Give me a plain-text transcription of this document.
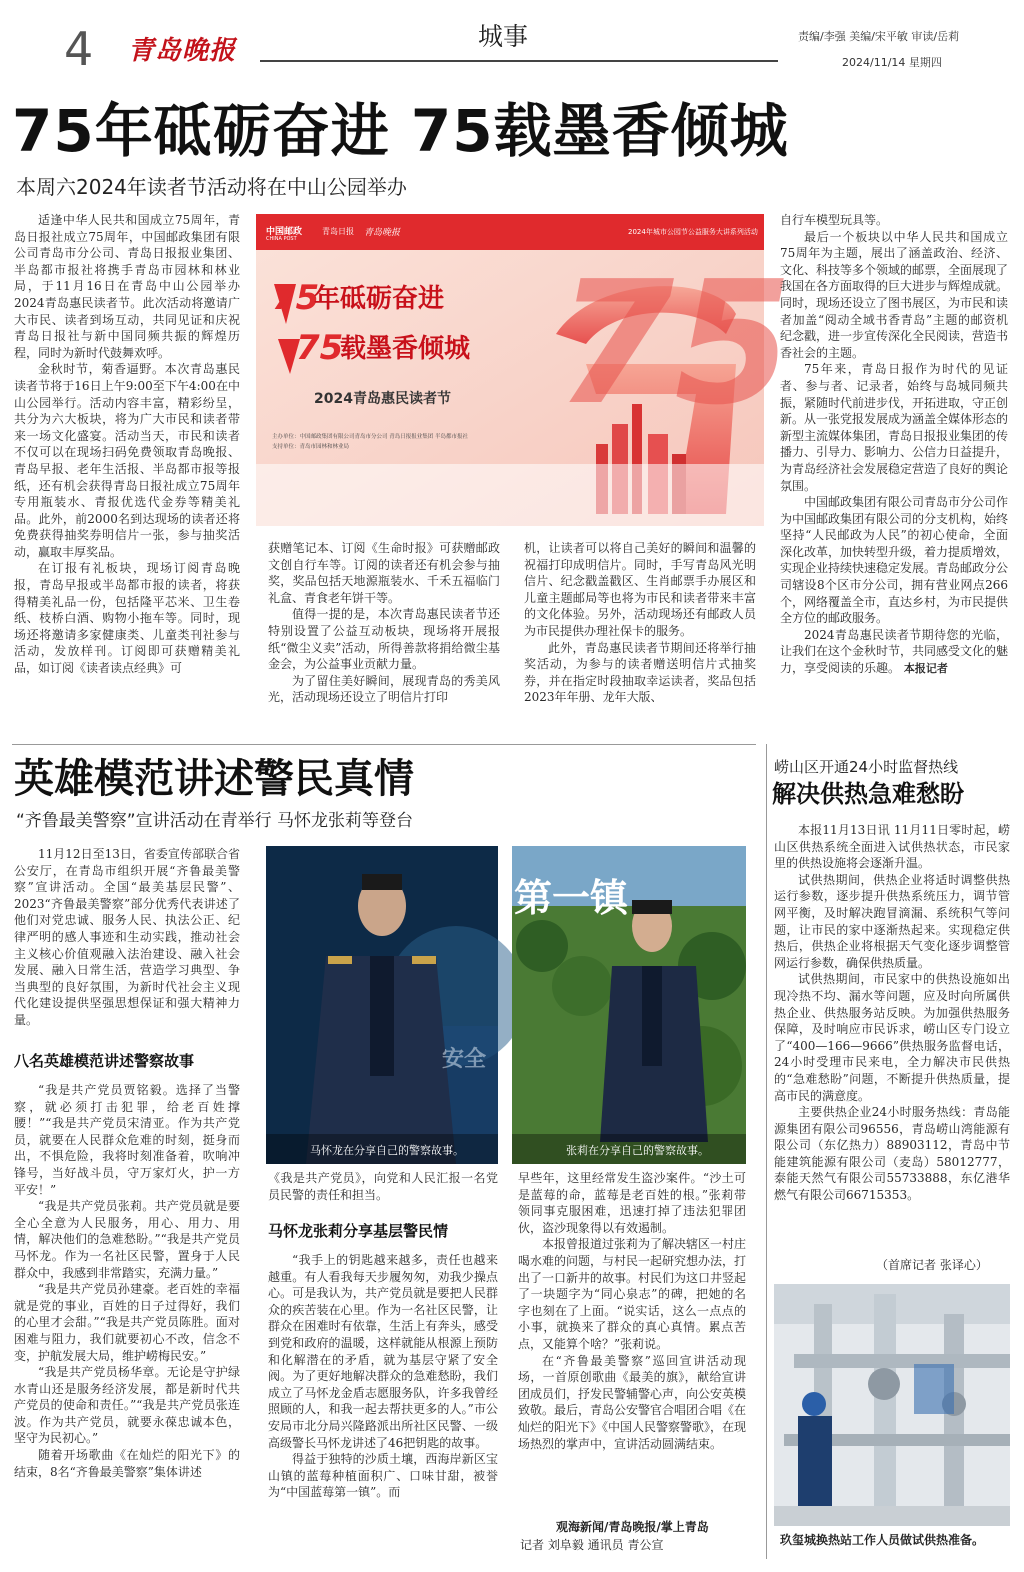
4 青岛晚报	城事	责编/李强 美编/宋平敏 审读/岳莉
2024/11/14 星期四
75年砥砺奋进 75载墨香倾城
本周六2024年读者节活动将在中山公园举办

适逢中华人民共和国成立75周年，青岛日报社成立75周年，中国邮政集团有限公司青岛市分公司、青岛日报报业集团、半岛都市报社将携手青岛市园林和林业局，于11月16日在青岛中山公园举办2024青岛惠民读者节。此次活动将邀请广大市民、读者到场互动，共同见证和庆祝青岛日报社与新中国同频共振的辉煌历程，同时为新时代鼓舞欢呼。

金秋时节，菊香逼野。本次青岛惠民读者节将于16日上午9:00至下午4:00在中山公园举行。活动内容丰富，精彩纷呈，共分为六大板块，将为广大市民和读者带来一场文化盛宴。活动当天，市民和读者不仅可以在现场扫码免费领取青岛晚报、青岛早报、老年生活报、半岛都市报等报纸，还有机会获得青岛日报社成立75周年专用瓶装水、青报优选代金券等精美礼品。此外，前2000名到达现场的读者还将免费获得抽奖券明信片一张，参与抽奖活动，赢取丰厚奖品。

在订报有礼板块，现场订阅青岛晚报，青岛早报或半岛都市报的读者，将获得精美礼品一份，包括隆平芯米、卫生卷纸、枝桥白酒、购物小拖车等。同时，现场还将邀请多家健康类、儿童类刊社参与活动，发放样刊。订阅即可获赠精美礼品，如订阅《读者读点经典》可

中国邮政
CHINA POST
青岛日报 青岛晚报	2024年城市公园节公益服务大讲系列活动
75
年砥砺奋进
75
载墨香倾城 75
2024青岛惠民读者节
主办单位：中国邮政集团有限公司青岛市分公司 青岛日报报业集团 半岛都市报社
支持单位：青岛市园林和林业局

获赠笔记本、订阅《生命时报》可获赠邮政文创自行车等。订阅的读者还有机会参与抽奖，奖品包括天地源瓶装水、千禾五福临门礼盒、青食老年饼干等。

值得一提的是，本次青岛惠民读者节还特别设置了公益互动板块，现场将开展报纸“微尘义卖”活动，所得善款将捐给微尘基金会，为公益事业贡献力量。

为了留住美好瞬间，展现青岛的秀美风光，活动现场还设立了明信片打印

机，让读者可以将自己美好的瞬间和温馨的祝福打印成明信片。同时，手写青岛风光明信片、纪念戳盖戳区、生肖邮票手办展区和儿童主题邮局等也将为市民和读者带来丰富的文化体验。另外，活动现场还有邮政人员为市民提供办理社保卡的服务。

此外，青岛惠民读者节期间还将举行抽奖活动，为参与的读者赠送明信片式抽奖券，并在指定时段抽取幸运读者，奖品包括2023年年册、龙年大版、

自行车模型玩具等。

最后一个板块以中华人民共和国成立75周年为主题，展出了涵盖政治、经济、文化、科技等多个领域的邮票，全面展现了我国在各方面取得的巨大进步与辉煌成就。同时，现场还设立了图书展区，为市民和读者加盖“阅动全域书香青岛”主题的邮资机纪念戳，进一步宣传深化全民阅读，营造书香社会的主题。

75年来，青岛日报作为时代的见证者、参与者、记录者，始终与岛城同频共振，紧随时代前进步伐，开拓进取，守正创新。从一张党报发展成为涵盖全媒体形态的新型主流媒体集团，青岛日报报业集团的传播力、引导力、影响力、公信力日益提升，为青岛经济社会发展稳定营造了良好的舆论氛围。

中国邮政集团有限公司青岛市分公司作为中国邮政集团有限公司的分支机构，始终坚持“人民邮政为人民”的初心使命，全面深化改革，加快转型升级，着力提质增效，实现企业持续快速稳定发展。青岛邮政分公司辖设8个区市分公司，拥有营业网点266个，网络覆盖全市，直达乡村，为市民提供全方位的邮政服务。

2024青岛惠民读者节期待您的光临，让我们在这个金秋时节，共同感受文化的魅力，享受阅读的乐趣。 本报记者

英雄模范讲述警民真情
“齐鲁最美警察”宣讲活动在青举行 马怀龙张莉等登台

11月12日至13日，省委宣传部联合省公安厅，在青岛市组织开展“齐鲁最美警察”宣讲活动。全国“最美基层民警”、2023“齐鲁最美警察”部分优秀代表讲述了他们对党忠诚、服务人民、执法公正、纪律严明的感人事迹和生动实践，推动社会主义核心价值观融入法治建设、融入社会发展、融入日常生活，营造学习典型、争当典型的良好氛围，为新时代社会主义现代化建设提供坚强思想保证和强大精神力量。

八名英雄模范讲述警察故事

“我是共产党员贾铭毅。选择了当警察，就必须打击犯罪，给老百姓撑腰！”“我是共产党员宋清亚。作为共产党员，就要在人民群众危难的时刻，挺身而出，不惧危险，我将时刻准备着，吹响冲锋号，当好战斗员，守万家灯火，护一方平安！”

“我是共产党员张莉。共产党员就是要全心全意为人民服务，用心、用力、用情，解决他们的急难愁盼。”“我是共产党员马怀龙。作为一名社区民警，置身于人民群众中，我感到非常踏实，充满力量。”

“我是共产党员孙建豪。老百姓的幸福就是党的事业，百姓的日子过得好，我们的心里才会甜。”“我是共产党员陈胜。面对困难与阻力，我们就要初心不改，信念不变，护航发展大局，维护崂梅民安。”

“我是共产党员杨华章。无论是守护绿水青山还是服务经济发展，都是新时代共产党员的使命和责任。”“我是共产党员张连波。作为共产党员，就要永葆忠诚本色，坚守为民初心。”

随着开场歌曲《在灿烂的阳光下》的结束，8名“齐鲁最美警察”集体讲述

安全
马怀龙在分享自己的警察故事。
第一镇
张莉在分享自己的警察故事。

《我是共产党员》，向党和人民汇报一名党员民警的责任和担当。

马怀龙张莉分享基层警民情

“我手上的钥匙越来越多，责任也越来越重。有人看我每天步履匆匆，劝我少操点心。可是我认为，共产党员就是要把人民群众的疾苦装在心里。作为一名社区民警，让群众在困难时有依靠，生活上有奔头，感受到党和政府的温暖，这样就能从根源上预防和化解潜在的矛盾，就为基层守紧了安全阀。为了更好地解决群众的急难愁盼，我们成立了马怀龙金盾志愿服务队，许多我曾经照顾的人，和我一起去帮扶更多的人。”市公安局市北分局兴隆路派出所社区民警、一级高级警长马怀龙讲述了46把钥匙的故事。

得益于独特的沙质土壤，西海岸新区宝山镇的蓝莓种植面积广、口味甘甜，被誉为“中国蓝莓第一镇”。而

早些年，这里经常发生盗沙案件。“沙土可是蓝莓的命，蓝莓是老百姓的根。”张莉带领同事克服困难，迅速打掉了违法犯罪团伙，盗沙现象得以有效遏制。

本报曾报道过张莉为了解决辖区一村庄喝水难的问题，与村民一起研究想办法，打出了一口新井的故事。村民们为这口井竖起了一块题字为“同心泉志”的碑，把她的名字也刻在了上面。“说实话，这么一点点的小事，就换来了群众的真心真情。累点苦点，又能算个啥？”张莉说。

在“齐鲁最美警察”巡回宣讲活动现场，一首原创歌曲《最美的旗》，献给宣讲团成员们，抒发民警辅警心声，向公安英模致敬。最后，青岛公安警官合唱团合唱《在灿烂的阳光下》《中国人民警察警歌》，在现场热烈的掌声中，宣讲活动圆满结束。

观海新闻/青岛晚报/掌上青岛
记者 刘阜毅 通讯员 青公宣
崂山区开通24小时监督热线
解决供热急难愁盼

本报11月13日讯 11月11日零时起，崂山区供热系统全面进入试供热状态，市民家里的供热设施将会逐渐升温。

试供热期间，供热企业将适时调整供热运行参数，逐步提升供热系统压力，调节管网平衡，及时解决跑冒滴漏、系统积气等问题，让市民的家中逐渐热起来。实现稳定供热后，供热企业将根据天气变化逐步调整管网运行参数，确保供热质量。

试供热期间，市民家中的供热设施如出现冷热不均、漏水等问题，应及时向所属供热企业、供热服务站反映。为加强供热服务保障，及时响应市民诉求，崂山区专门设立了“400—166—9666”供热服务监督电话，24小时受理市民来电，全力解决市民供热的“急难愁盼”问题，不断提升供热质量，提高市民的满意度。

主要供热企业24小时服务热线：青岛能源集团有限公司96556，青岛崂山湾能源有限公司（东亿热力）88903112，青岛中节能建筑能源有限公司（麦岛）58012777，泰能天然气有限公司55733888，东亿港华燃气有限公司66715353。

（首席记者 张译心）
玖玺城换热站工作人员做试供热准备。
